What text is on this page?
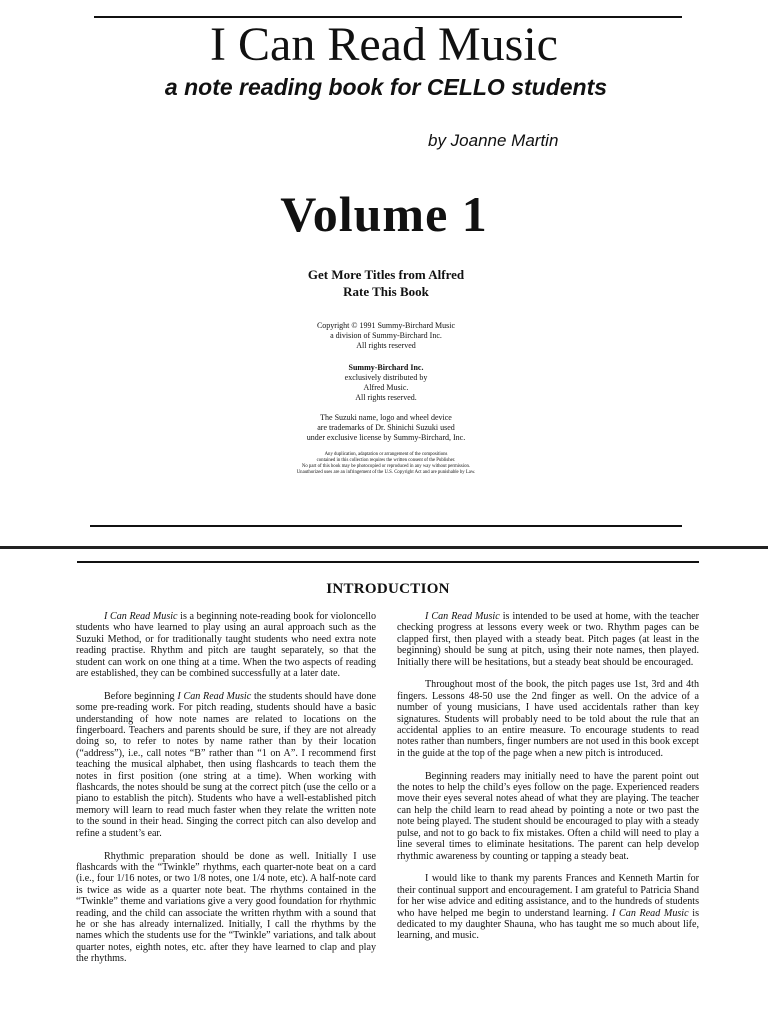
I Can Read Music
a note reading book for CELLO students
by Joanne Martin
Volume 1
Get More Titles from Alfred
Rate This Book
Copyright © 1991 Summy-Birchard Music
a division of Summy-Birchard Inc.
All rights reserved
Summy-Birchard Inc.
exclusively distributed by
Alfred Music.
All rights reserved.
The Suzuki name, logo and wheel device
are trademarks of Dr. Shinichi Suzuki used
under exclusive license by Summy-Birchard, Inc.
Any duplication, adaptation or arrangement of the compositions
contained in this collection requires the written consent of the Publisher.
No part of this book may be photocopied or reproduced in any way without permission.
Unauthorized uses are an infringement of the U.S. Copyright Act and are punishable by Law.
INTRODUCTION

I Can Read Music is a beginning note-reading book for violoncello students who have learned to play using an aural approach such as the Suzuki Method, or for traditionally taught students who need extra note reading practise. Rhythm and pitch are taught separately, so that the student can work on one thing at a time. When the two aspects of reading are established, they can be combined successfully at a later date.

Before beginning I Can Read Music the students should have done some pre-reading work. For pitch reading, students should have a basic understanding of how note names are related to locations on the fingerboard. Teachers and parents should be sure, if they are not already doing so, to refer to notes by name rather than by their location (“address”), i.e., call notes “B” rather than “1 on A”. I recommend first teaching the musical alphabet, then using flashcards to teach them the notes in first position (one string at a time). When working with flashcards, the notes should be sung at the correct pitch (use the cello or a piano to establish the pitch). Students who have a well-established pitch memory will learn to read much faster when they relate the written note to the sound in their head. Singing the correct pitch can also develop and refine a student’s ear.

Rhythmic preparation should be done as well. Initially I use flashcards with the “Twinkle” rhythms, each quarter-note beat on a card (i.e., four 1/16 notes, or two 1/8 notes, one 1/4 note, etc). A half-note card is twice as wide as a quarter note beat. The rhythms contained in the “Twinkle” theme and variations give a very good foundation for rhythmic reading, and the child can associate the written rhythm with a sound that he or she has already internalized. Initially, I call the rhythms by the names which the students use for the “Twinkle” variations, and talk about quarter notes, eighth notes, etc. after they have learned to clap and play the rhythms.

I Can Read Music is intended to be used at home, with the teacher checking progress at lessons every week or two. Rhythm pages can be clapped first, then played with a steady beat. Pitch pages (at least in the beginning) should be sung at pitch, using their note names, then played. Initially there will be hesitations, but a steady beat should be encouraged.

Throughout most of the book, the pitch pages use 1st, 3rd and 4th fingers. Lessons 48-50 use the 2nd finger as well. On the advice of a number of young musicians, I have used accidentals rather than key signatures. Students will probably need to be told about the rule that an accidental applies to an entire measure. To encourage students to read notes rather than numbers, finger numbers are not used in this book except in the guide at the top of the page when a new pitch is introduced.

Beginning readers may initially need to have the parent point out the notes to help the child’s eyes follow on the page. Experienced readers move their eyes several notes ahead of what they are playing. The teacher can help the child learn to read ahead by pointing a note or two past the note being played. The student should be encouraged to play with a steady pulse, and not to go back to fix mistakes. Often a child will need to play a line several times to eliminate hesitations. The parent can help develop rhythmic awareness by counting or tapping a steady beat.

I would like to thank my parents Frances and Kenneth Martin for their continual support and encouragement. I am grateful to Patricia Shand for her wise advice and editing assistance, and to the hundreds of students who have helped me begin to understand learning. I Can Read Music is dedicated to my daughter Shauna, who has taught me so much about life, learning, and music.
